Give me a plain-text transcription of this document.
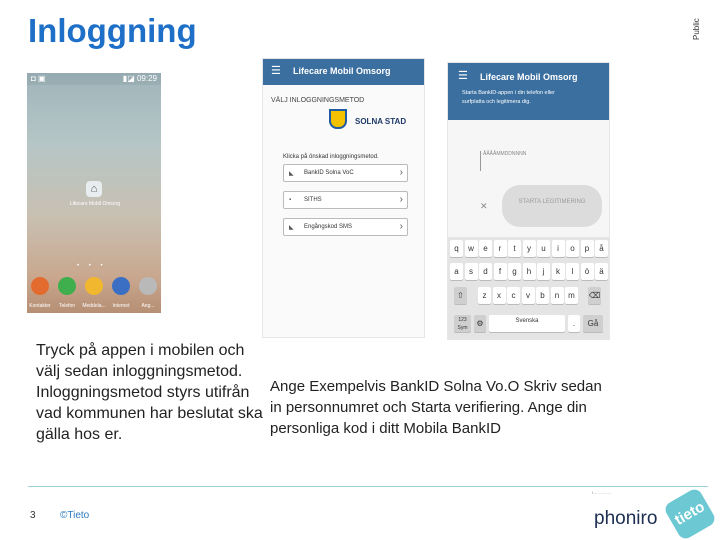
Inloggning	Public
◘ ▣	▮◪ 09:29
⌂
Lifecare Mobil Omsorg
• • •
Kontakter	Telefon	Meddela...	Internet	Ang...
☰ Lifecare Mobil Omsorg
VÄLJ INLOGGNINGSMETOD
SOLNA STAD
Klicka på önskad inloggningsmetod.
◣ BankID Solna VoC	›
▪ SITHS	›
◣ Engångskod SMS	›
☰ Lifecare Mobil Omsorg
Starta BankID-appen i din telefon eller
surfplatta och legitimera dig.
ÅÅÅÅMMDDNNNN
✕	STARTA LEGITIMERING
⇧	⌫
123 Sym	⚙	Svenska	.	Gå
q	w	e	r	t	y	u	i	o	p	å
a	s	d	f	g	h	j	k	l	ö	ä
z	x	c	v	b	n	m
Tryck på appen i mobilen och välj sedan inloggningsmetod. Inloggningsmetod styrs utifrån vad kommunen har beslutat ska gälla hos er.
Ange Exempelvis BankID Solna Vo.O Skriv sedan in personnumret och Starta verifiering. Ange din personliga kod i ditt Mobila BankID
3 ©Tieto
i ... ... ... ...
phoniro tieto
